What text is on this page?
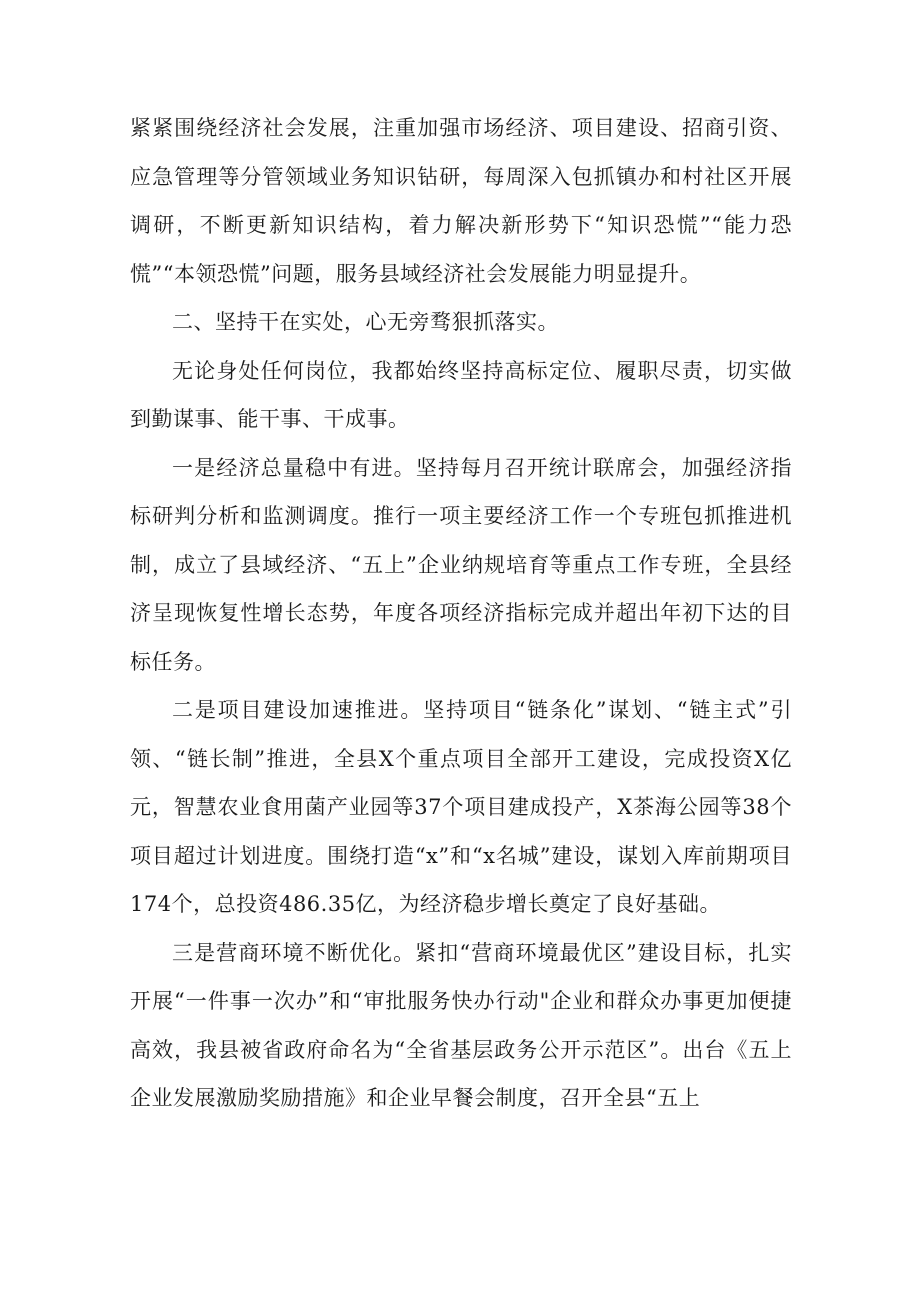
紧紧围绕经济社会发展，注重加强市场经济、项目建设、招商引资、应急管理等分管领域业务知识钻研，每周深入包抓镇办和村社区开展调研，不断更新知识结构，着力解决新形势下“知识恐慌”“能力恐慌”“本领恐慌”问题，服务县域经济社会发展能力明显提升。

二、坚持干在实处，心无旁骛狠抓落实。

无论身处任何岗位，我都始终坚持高标定位、履职尽责，切实做到勤谋事、能干事、干成事。

一是经济总量稳中有进。坚持每月召开统计联席会，加强经济指标研判分析和监测调度。推行一项主要经济工作一个专班包抓推进机制，成立了县域经济、“五上”企业纳规培育等重点工作专班，全县经济呈现恢复性增长态势，年度各项经济指标完成并超出年初下达的目标任务。

二是项目建设加速推进。坚持项目“链条化”谋划、“链主式”引领、“链长制”推进，全县X个重点项目全部开工建设，完成投资X亿元，智慧农业食用菌产业园等37个项目建成投产，X茶海公园等38个项目超过计划进度。围绕打造“x”和“x名城”建设，谋划入库前期项目174个，总投资486.35亿，为经济稳步增长奠定了良好基础。

三是营商环境不断优化。紧扣“营商环境最优区”建设目标，扎实开展“一件事一次办”和“审批服务快办行动"企业和群众办事更加便捷高效，我县被省政府命名为“全省基层政务公开示范区”。出台《五上企业发展激励奖励措施》和企业早餐会制度，召开全县“五上
